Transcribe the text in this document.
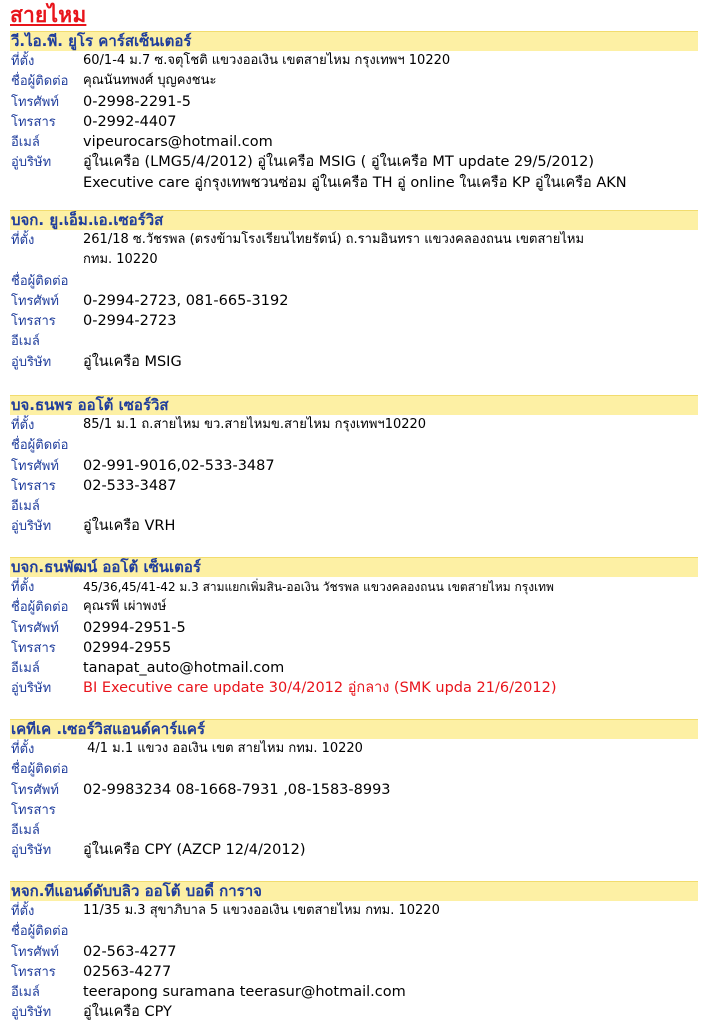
สายไหม
วี.ไอ.พี. ยูโร คาร์สเซ็นเตอร์
ที่ตั้ง	60/1-4 ม.7 ซ.จตุโชติ แขวงออเงิน เขตสายไหม กรุงเทพฯ 10220
ชื่อผู้ติดต่อ คุณนันทพงศ์ บุญคงชนะ
โทรศัพท์ 0-2998-2291-5
โทรสาร 0-2992-4407
อีเมล์	vipeurocars@hotmail.com
อู่บริษัท อู่ในเครือ (LMG5/4/2012) อู่ในเครือ MSIG ( อู่ในเครือ MT update 29/5/2012)
Executive care อู่กรุงเทพชวนซ่อม อู่ในเครือ TH อู่ online ในเครือ KP อู่ในเครือ AKN
บจก. ยู.เอ็ม.เอ.เซอร์วิส
ที่ตั้ง	261/18 ซ.วัชรพล (ตรงข้ามโรงเรียนไทยรัตน์) ถ.รามอินทรา แขวงคลองถนน เขตสายไหม
กทม. 10220
ชื่อผู้ติดต่อ
โทรศัพท์ 0-2994-2723, 081-665-3192
โทรสาร 0-2994-2723
อีเมล์
อู่บริษัท อู่ในเครือ MSIG
บจ.ธนพร ออโต้ เซอร์วิส
ที่ตั้ง	85/1 ม.1 ถ.สายไหม ขว.สายไหมข.สายไหม กรุงเทพฯ10220
ชื่อผู้ติดต่อ
โทรศัพท์ 02-991-9016,02-533-3487
โทรสาร 02-533-3487
อีเมล์
อู่บริษัท อู่ในเครือ VRH
บจก.ธนพัฒน์ ออโต้ เซ็นเตอร์
ที่ตั้ง	45/36,45/41-42 ม.3 สามแยกเพิ่มสิน-ออเงิน วัชรพล แขวงคลองถนน เขตสายไหม กรุงเทพ
ชื่อผู้ติดต่อ คุณรพี เผ่าพงษ์
โทรศัพท์ 02994-2951-5
โทรสาร 02994-2955
อีเมล์	tanapat_auto@hotmail.com
อู่บริษัท BI Executive care update 30/4/2012 อู่กลาง (SMK upda 21/6/2012)
เคทีเค .เซอร์วิสแอนด์คาร์แคร์
ที่ตั้ง	4/1 ม.1 แขวง ออเงิน เขต สายไหม กทม. 10220
ชื่อผู้ติดต่อ
โทรศัพท์ 02-9983234 08-1668-7931 ,08-1583-8993
โทรสาร
อีเมล์
อู่บริษัท อู่ในเครือ CPY (AZCP 12/4/2012)
หจก.ทีแอนด์ดับบลิว ออโต้ บอดี้ การาจ
ที่ตั้ง	11/35 ม.3 สุขาภิบาล 5 แขวงออเงิน เขตสายไหม กทม. 10220
ชื่อผู้ติดต่อ
โทรศัพท์ 02-563-4277
โทรสาร 02563-4277
อีเมล์	teerapong suramana teerasur@hotmail.com
อู่บริษัท อู่ในเครือ CPY
